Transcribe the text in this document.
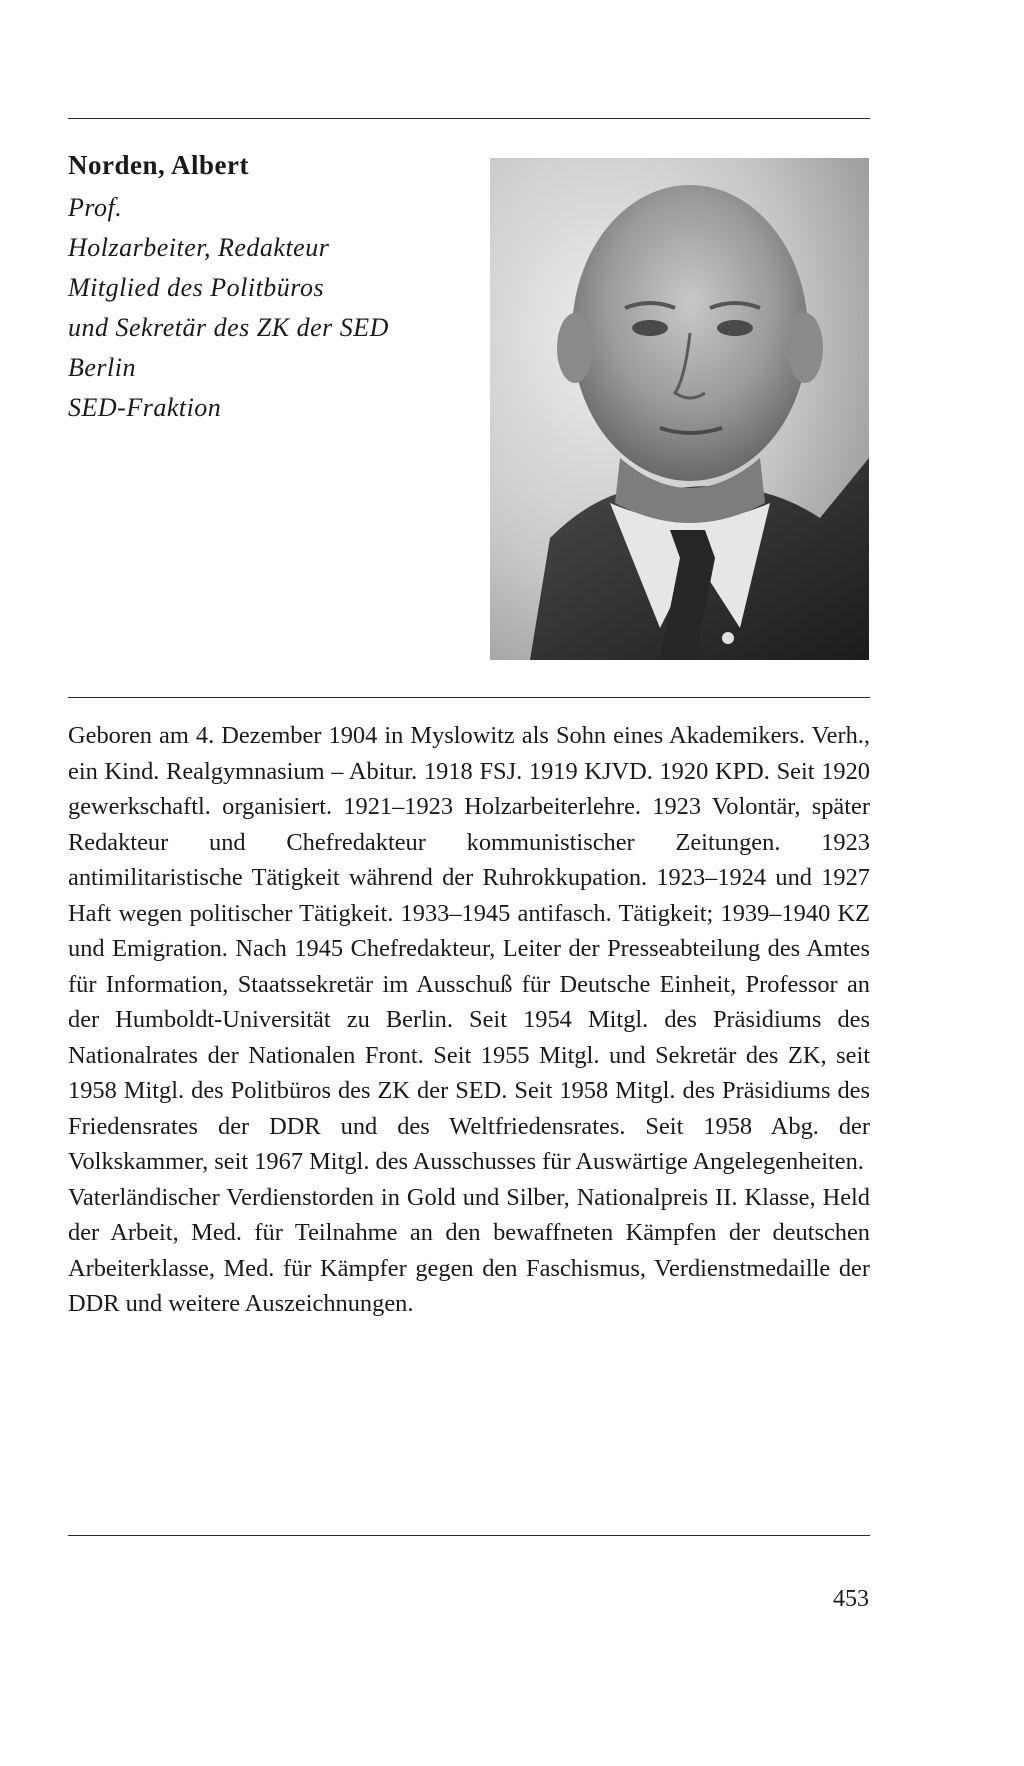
Norden, Albert
Prof.
Holzarbeiter, Redakteur
Mitglied des Politbüros
und Sekretär des ZK der SED
Berlin
SED-Fraktion

Geboren am 4. Dezember 1904 in Myslowitz als Sohn eines Akademikers. Verh., ein Kind. Realgymnasium – Abitur. 1918 FSJ. 1919 KJVD. 1920 KPD. Seit 1920 gewerkschaftl. organisiert. 1921–1923 Holzarbeiterlehre. 1923 Volontär, später Redakteur und Chefredakteur kommunistischer Zeitungen. 1923 antimilitaristische Tätigkeit während der Ruhrokkupation. 1923–1924 und 1927 Haft wegen politischer Tätigkeit. 1933–1945 antifasch. Tätigkeit; 1939–1940 KZ und Emigration. Nach 1945 Chefredakteur, Leiter der Presseabteilung des Amtes für Information, Staatssekretär im Ausschuß für Deutsche Einheit, Professor an der Humboldt-Universität zu Berlin. Seit 1954 Mitgl. des Präsidiums des Nationalrates der Nationalen Front. Seit 1955 Mitgl. und Sekretär des ZK, seit 1958 Mitgl. des Politbüros des ZK der SED. Seit 1958 Mitgl. des Präsidiums des Friedensrates der DDR und des Weltfriedensrates. Seit 1958 Abg. der Volkskammer, seit 1967 Mitgl. des Ausschusses für Auswärtige Angelegenheiten.

Vaterländischer Verdienstorden in Gold und Silber, Nationalpreis II. Klasse, Held der Arbeit, Med. für Teilnahme an den bewaffneten Kämpfen der deutschen Arbeiterklasse, Med. für Kämpfer gegen den Faschismus, Verdienstmedaille der DDR und weitere Auszeichnungen.

453
